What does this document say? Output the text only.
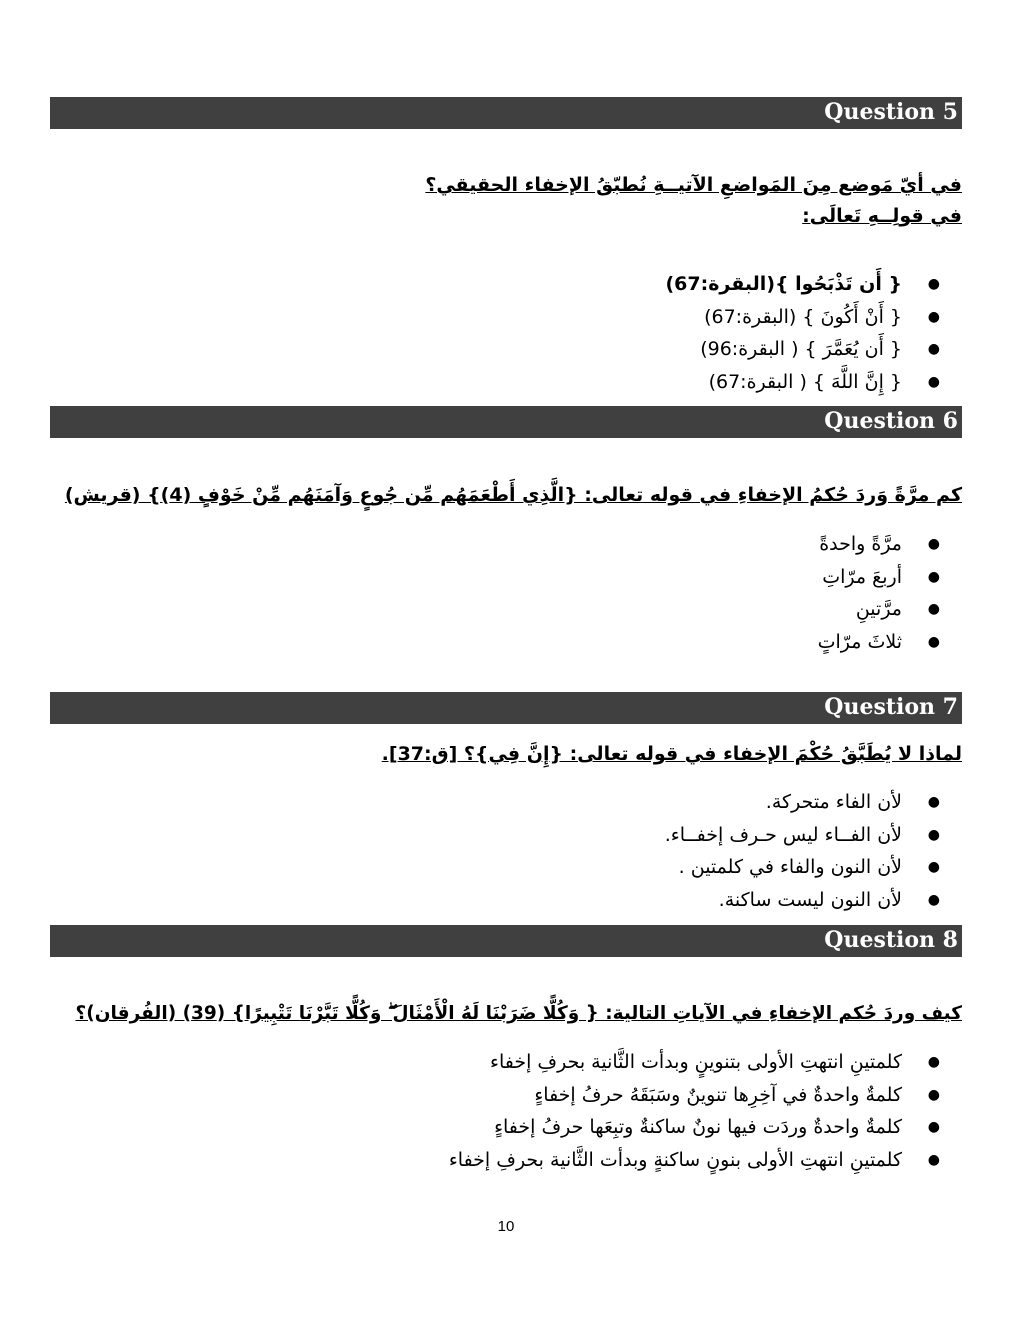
Question 5
في أيّ مَوضع مِنَ المَواضعِ الآتيــةِ نُطبّقُ الإخفاء الحقيقي؟
في قولِــهِ تَعالَى:
●
{ أَن تَذْبَحُوا }(البقرة:67)
●
{ أَنْ أَكُونَ } (البقرة:67)
●
{ أَن يُعَمَّرَ } ( البقرة:96)
●
{ إِنَّ اللَّهَ } ( البقرة:67)
Question 6
كم مرَّةً وَردَ حُكمُ الإخفاءِ في قوله تعالى: {الَّذِي أَطْعَمَهُم مِّن جُوعٍ وَآمَنَهُم مِّنْ خَوْفٍ (4)} (قريش)
●
مرَّةً واحدةً
●
أربعَ مرّاتِ
●
مرَّتينِ
●
ثلاثَ مرّاتٍ
Question 7
لماذا لا يُطَبَّقُ حُكْمَ الإخفاء في قوله تعالى: {إِنَّ فِي}؟ [ق:37].
●
لأن الفاء متحركة.
●
لأن الفــاء ليس حـرف إخفــاء.
●
لأن النون والفاء في كلمتين .
●
لأن النون ليست ساكنة.
Question 8
كيف وردَ حُكم الإخفاءِ في الآياتِ التالية: { وَكُلًّا ضَرَبْنَا لَهُ الْأَمْثَالَ ۖ وَكُلًّا تَبَّرْنَا تَتْبِيرًا} (39) (الفُرقان)؟
●
كلمتينِ انتهتِ الأولى بتنوينٍ وبدأت الثَّانية بحرفِ إخفاء
●
كلمةٌ واحدةٌ في آخِرِها تنوينٌ وسَبَقَهُ حرفُ إخفاءٍ
●
كلمةٌ واحدةٌ وردَت فيها نونٌ ساكنةٌ وتبِعَها حرفُ إخفاءٍ
●
كلمتينِ انتهتِ الأولى بنونٍ ساكنةٍ وبدأت الثَّانية بحرفِ إخفاء
10
